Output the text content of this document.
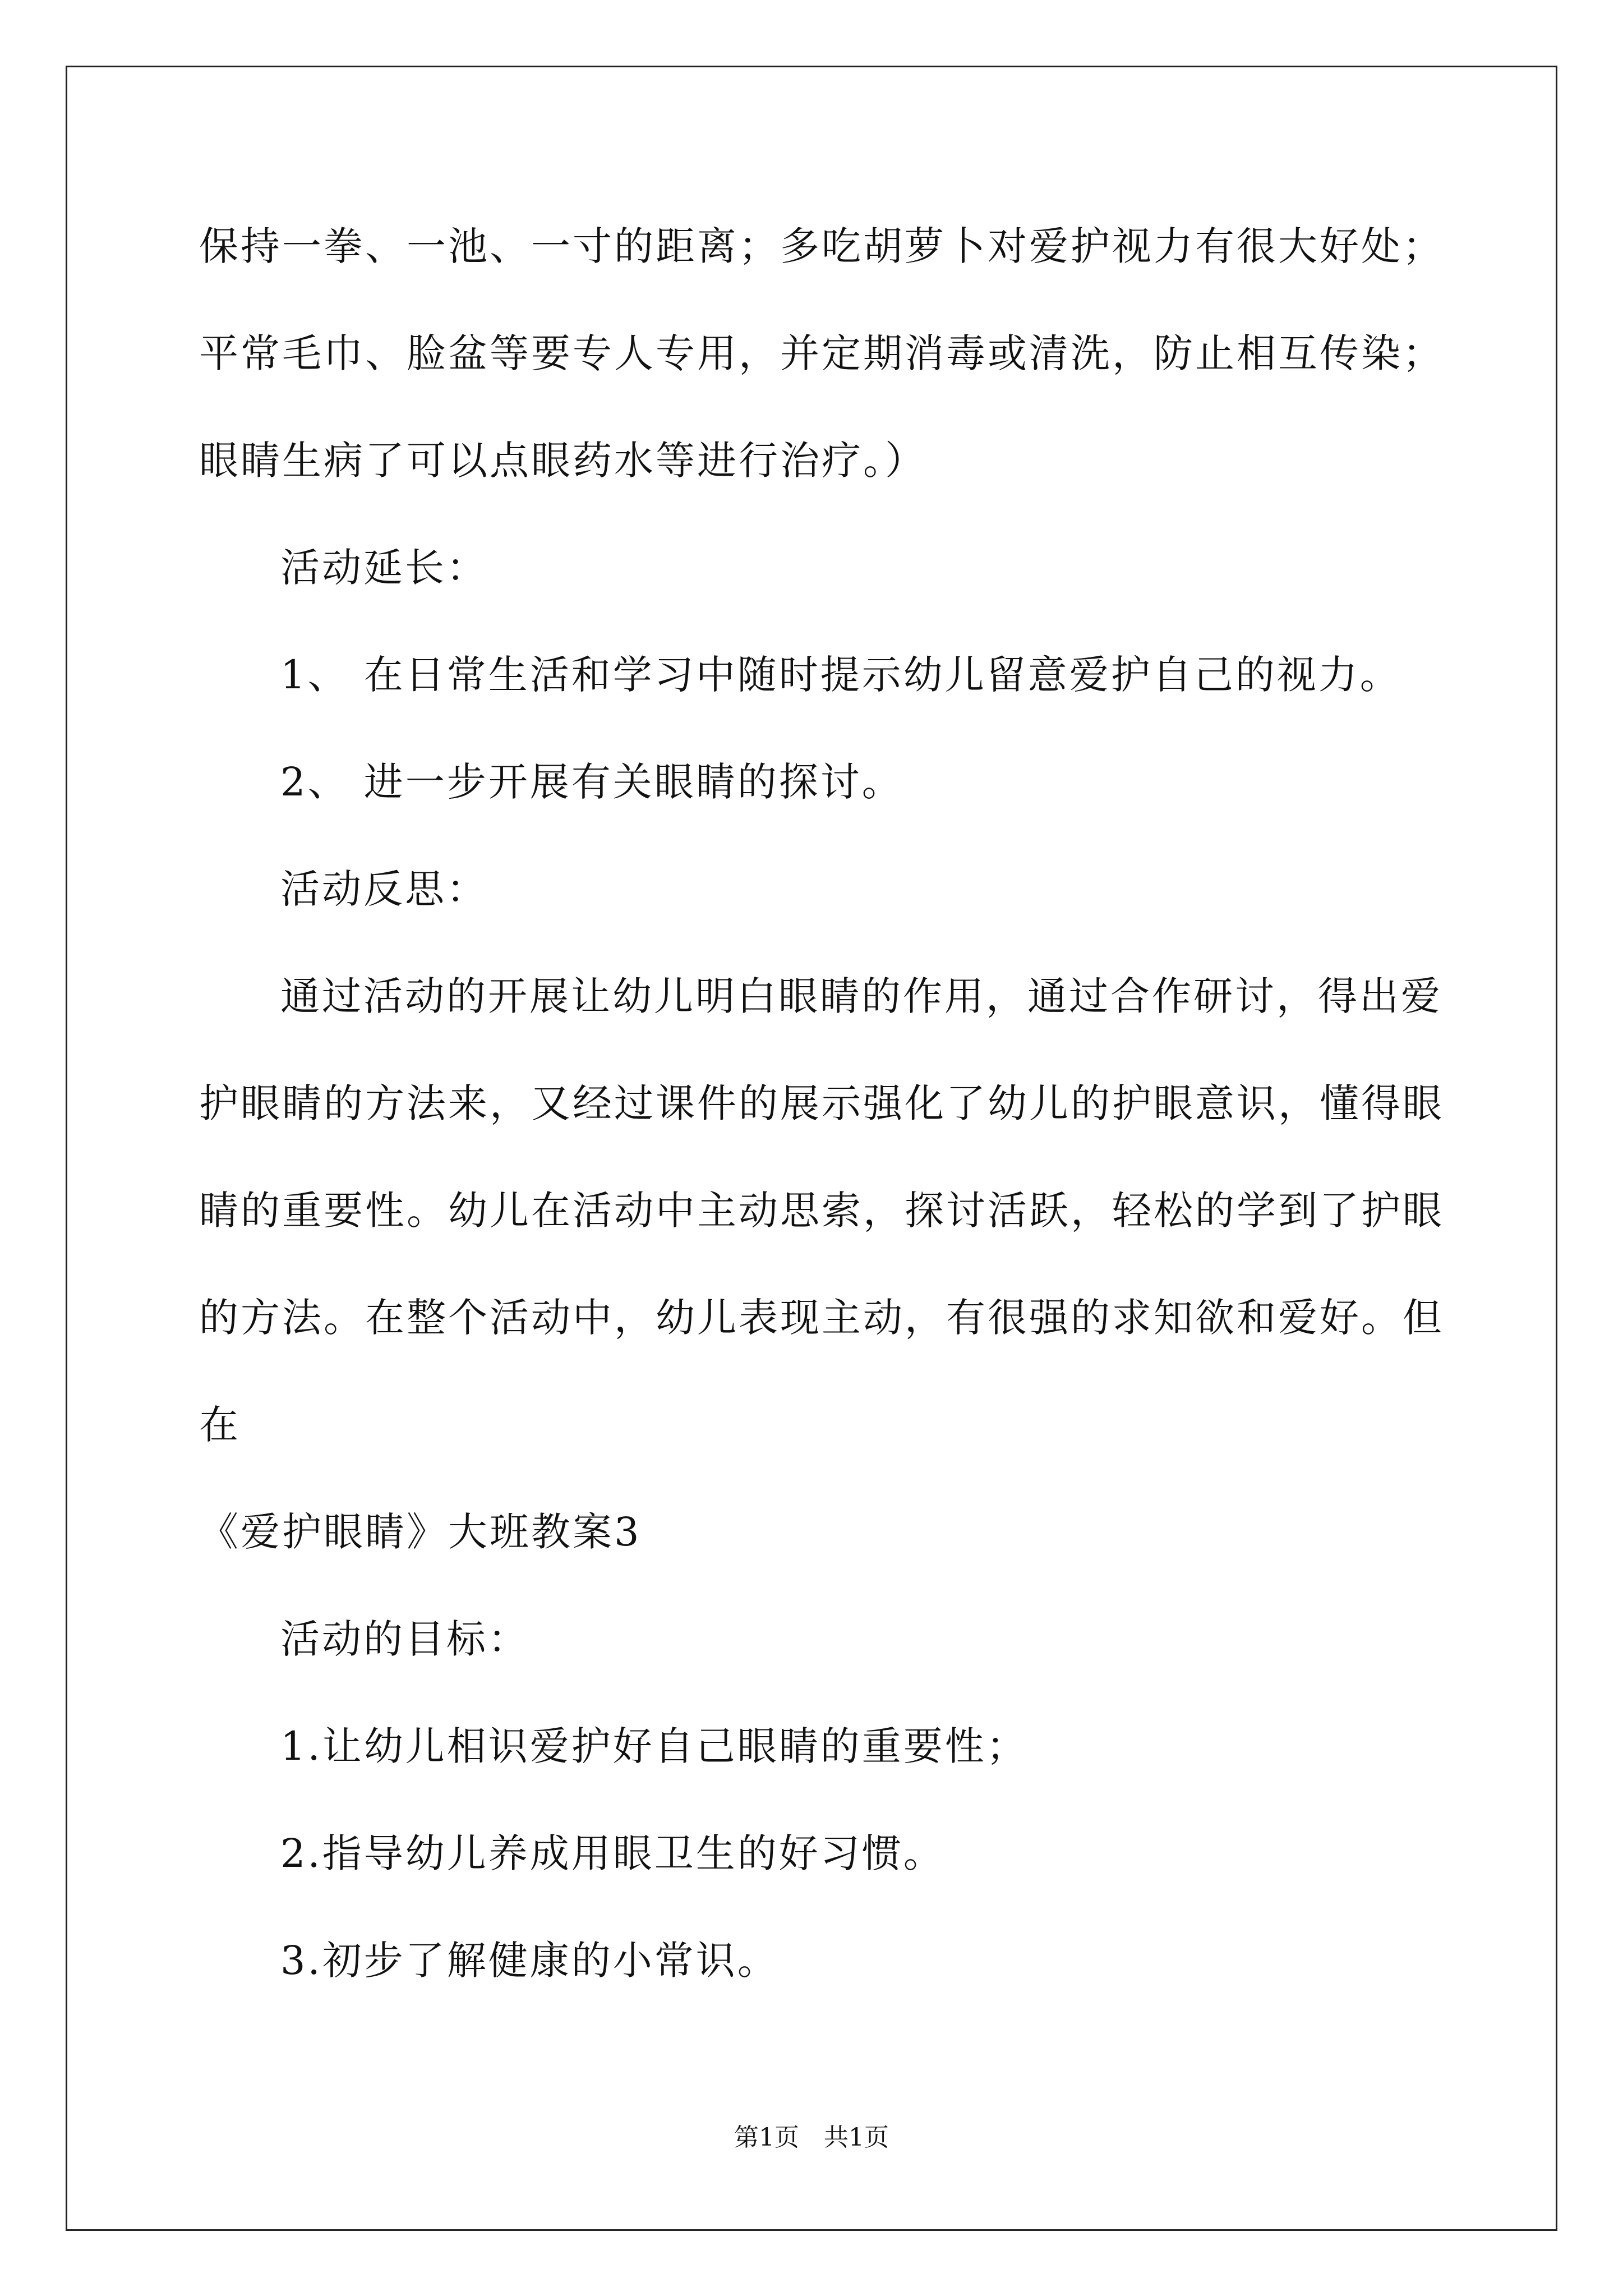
保持一拳、一池、一寸的距离；多吃胡萝卜对爱护视力有很大好处；
平常毛巾、脸盆等要专人专用，并定期消毒或清洗，防止相互传染；
眼睛生病了可以点眼药水等进行治疗。）
活动延长：
1、 在日常生活和学习中随时提示幼儿留意爱护自己的视力。
2、 进一步开展有关眼睛的探讨。
活动反思：
通过活动的开展让幼儿明白眼睛的作用，通过合作研讨，得出爱
护眼睛的方法来，又经过课件的展示强化了幼儿的护眼意识，懂得眼
睛的重要性。幼儿在活动中主动思索，探讨活跃，轻松的学到了护眼
的方法。在整个活动中，幼儿表现主动，有很强的求知欲和爱好。但
在
《爱护眼睛》大班教案3
活动的目标：
1.让幼儿相识爱护好自己眼睛的重要性；
2.指导幼儿养成用眼卫生的好习惯。
3.初步了解健康的小常识。
第1页　共1页
